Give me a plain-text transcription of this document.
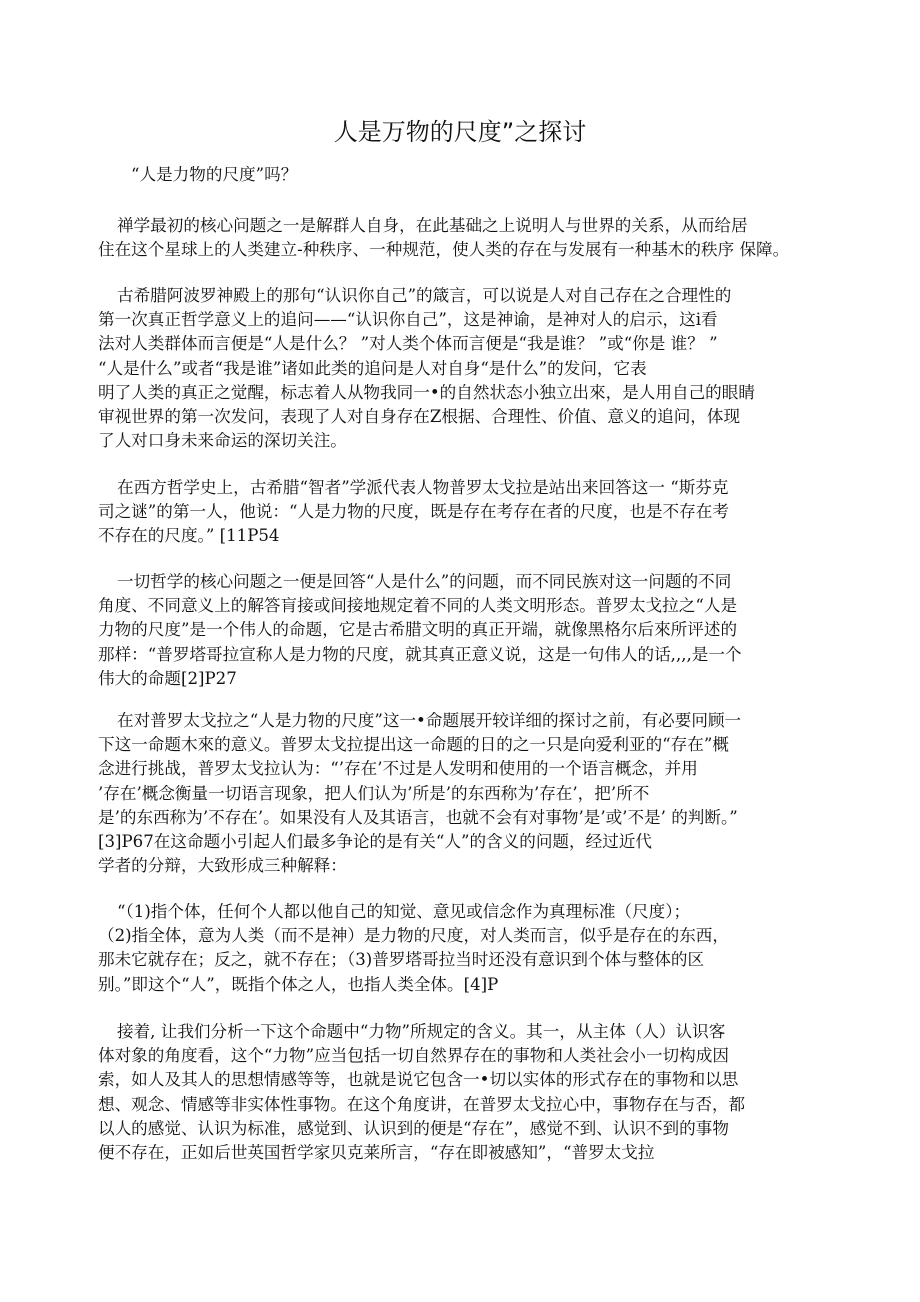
人是万物的尺度”之探讨
“人是力物的尺度”吗？
禅学最初的核心问题之一是解群人自身，在此基础之上说明人与世界的关系，从而给居
住在这个星球上的人类建立-种秩序、一种规范，使人类的存在与发展有一种基木的秩序 保障。
古希腊阿波罗神殿上的那句“认识你自己”的箴言，可以说是人对自己存在之合理性的
第一次真正哲学意义上的追问——“认识你自己”，这是神谕，是神对人的启示，这i看
法对人类群体而言便是“人是什么？ ”对人类个体而言便是“我是谁？ ”或“你是 谁？ ”
“人是什么”或者“我是谁”诸如此类的追问是人对自身“是什么”的发问，它表
明了人类的真正之觉醒，标志着人从物我同一•的自然状态小独立出來，是人用自己的眼睛
审视世界的第一次发问，表现了人对自身存在Z根据、合理性、价值、意义的追问，体现
了人对口身未来命运的深切关注。
在西方哲学史上，古希腊“智者”学派代表人物普罗太戈拉是站出来回答这一 “斯芬克
司之谜”的第一人，他说：“人是力物的尺度，既是存在考存在者的尺度，也是不存在考
不存在的尺度。” [11P54
一切哲学的核心问题之一便是回答“人是什么”的问题，而不同民族对这一问题的不同
角度、不同意义上的解答肓接或间接地规定着不同的人类文明形态。普罗太戈拉之“人是
力物的尺度”是一个伟人的命题，它是古希腊文明的真正开端，就像黑格尔后來所评述的
那样：“普罗塔哥拉宣称人是力物的尺度，就其真正意义说，这是一句伟人的话,,,,是一个
伟大的命题[2]P27
在对普罗太戈拉之“人是力物的尺度”这一•命题展开较详细的探讨之前，有必要冋顾一
下这一命题木來的意义。普罗太戈拉提出这一命题的日的之一只是向爱利亚的“存在”概
念进行挑战，普罗太戈拉认为：“’存在’不过是人发明和使用的一个语言概念，并用
’存在’概念衡量一切语言现象，把人们认为’所是’的东西称为’存在’，把’所不
是’的东西称为’不存在’。如果没有人及其语言，也就不会有对事物’是’或’不是’ 的判断。”
[3]P67在这命题小引起人们最多争论的是有关“人”的含义的问题，经过近代
学者的分辩，大致形成三种解释：
“（1)指个体，任何个人都以他自己的知觉、意见或信念作为真理标准（尺度）；
（2)指全体，意为人类（而不是神）是力物的尺度，对人类而言，似乎是存在的东西，
那未它就存在；反之，就不存在；（3)普罗塔哥拉当时还没有意识到个体与整体的区
别。”即这个“人”，既指个体之人，也指人类全体。[4]P
接着, 让我们分析一下这个命题中“力物”所规定的含义。其一，从主体（人）认识客
体对象的角度看，这个“力物”应当包括一切自然界存在的事物和人类社会小一切构成因
索，如人及其人的思想情感等等，也就是说它包含一•切以实体的形式存在的事物和以思
想、观念、情感等非实体性事物。在这个角度讲，在普罗太戈拉心中，事物存在与否，都
以人的感觉、认识为标准，感觉到、认识到的便是“存在”，感觉不到、认识不到的事物
便不存在，正如后世英国哲学家贝克莱所言，“存在即被感知”，“普罗太戈拉
